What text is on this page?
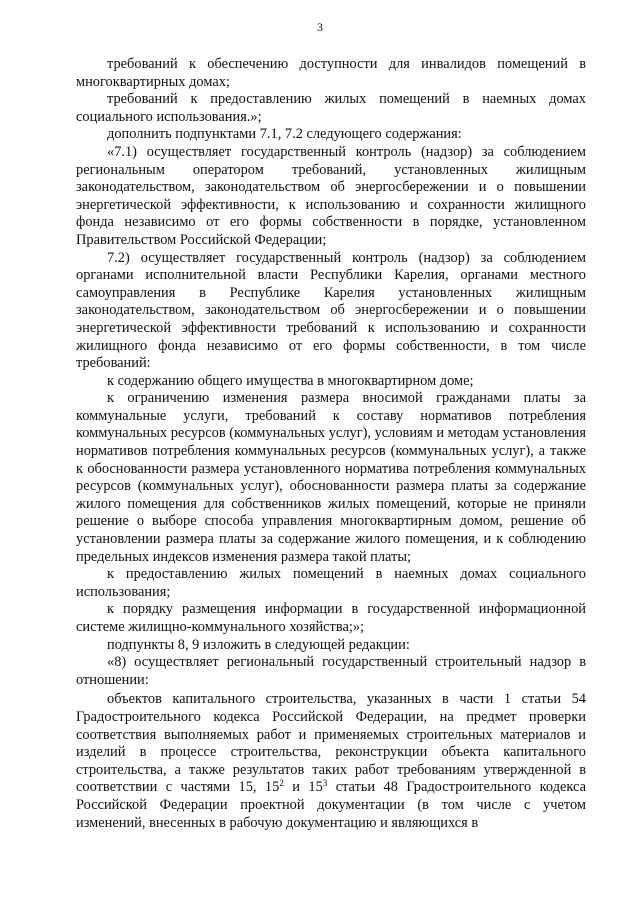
3

требований к обеспечению доступности для инвалидов помещений в многоквартирных домах;

требований к предоставлению жилых помещений в наемных домах социального использования.»;

дополнить подпунктами 7.1, 7.2 следующего содержания:

«7.1) осуществляет государственный контроль (надзор) за соблюдением региональным оператором требований, установленных жилищным законодательством, законодательством об энергосбережении и о повышении энергетической эффективности, к использованию и сохранности жилищного фонда независимо от его формы собственности в порядке, установленном Правительством Российской Федерации;

7.2) осуществляет государственный контроль (надзор) за соблюдением органами исполнительной власти Республики Карелия, органами местного самоуправления в Республике Карелия установленных жилищным законодательством, законодательством об энергосбережении и о повышении энергетической эффективности требований к использованию и сохранности жилищного фонда независимо от его формы собственности, в том числе требований:

к содержанию общего имущества в многоквартирном доме;

к ограничению изменения размера вносимой гражданами платы за коммунальные услуги, требований к составу нормативов потребления коммунальных ресурсов (коммунальных услуг), условиям и методам установления нормативов потребления коммунальных ресурсов (коммунальных услуг), а также к обоснованности размера установленного норматива потребления коммунальных ресурсов (коммунальных услуг), обоснованности размера платы за содержание жилого помещения для собственников жилых помещений, которые не приняли решение о выборе способа управления многоквартирным домом, решение об установлении размера платы за содержание жилого помещения, и к соблюдению предельных индексов изменения размера такой платы;

к предоставлению жилых помещений в наемных домах социального использования;

к порядку размещения информации в государственной информационной системе жилищно-коммунального хозяйства;»;

подпункты 8, 9 изложить в следующей редакции:

«8) осуществляет региональный государственный строительный надзор в отношении:

объектов капитального строительства, указанных в части 1 статьи 54 Градостроительного кодекса Российской Федерации, на предмет проверки соответствия выполняемых работ и применяемых строительных материалов и изделий в процессе строительства, реконструкции объекта капитального строительства, а также результатов таких работ требованиям утвержденной в соответствии с частями 15, $15^2$ и $15^3$ статьи 48 Градостроительного кодекса Российской Федерации проектной документации (в том числе с учетом изменений, внесенных в рабочую документацию и являющихся в
